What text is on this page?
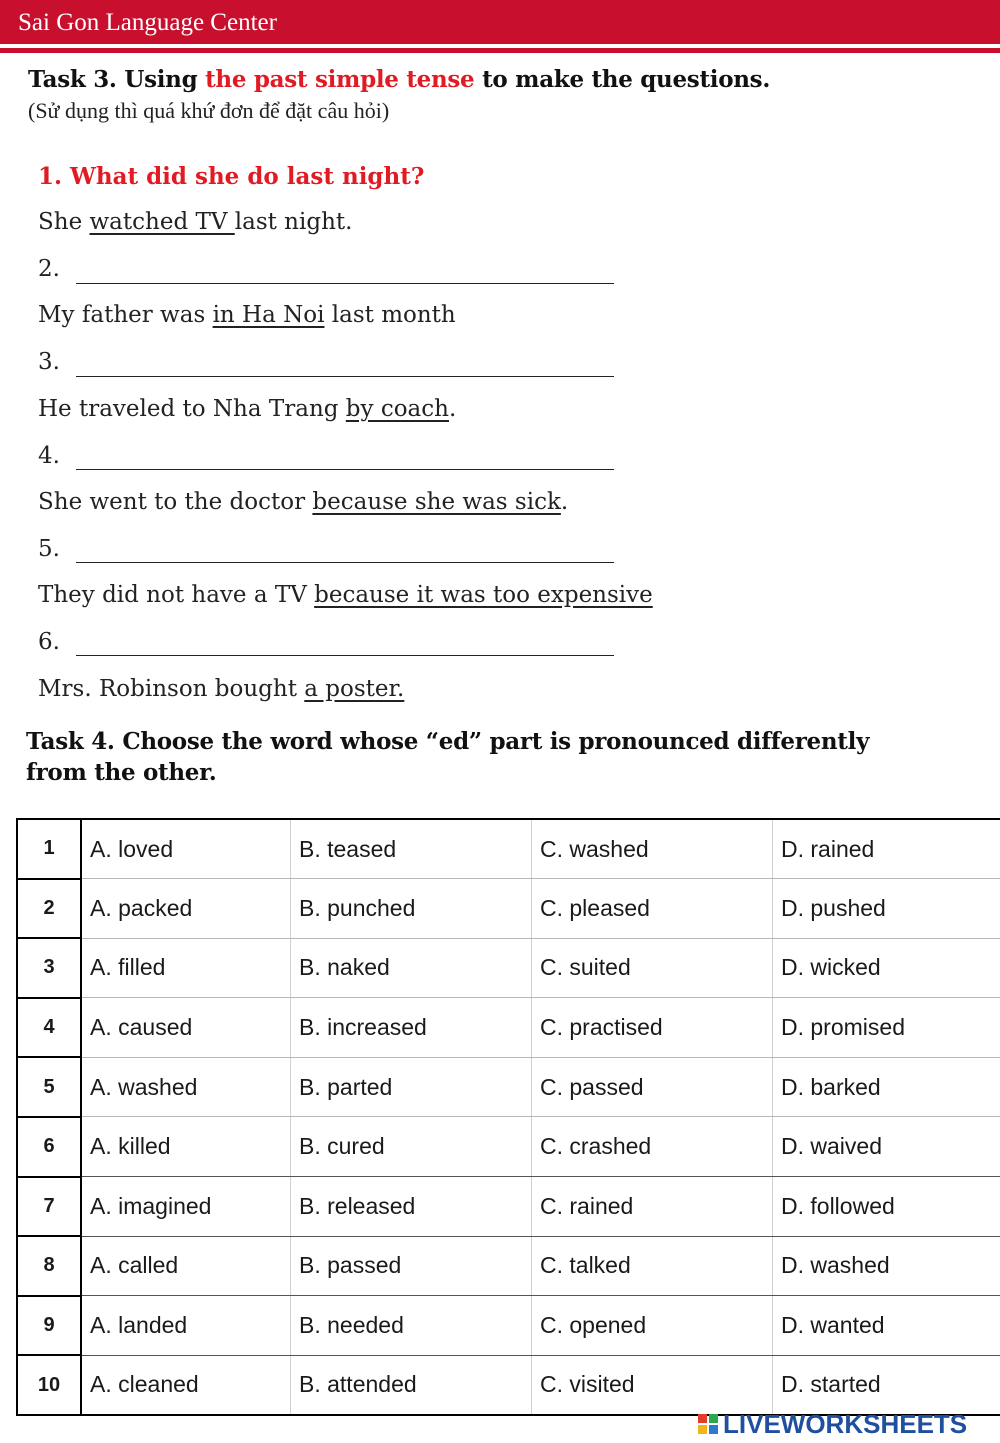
Sai Gon Language Center
Task 3. Using the past simple tense to make the questions.
(Sử dụng thì quá khứ đơn để đặt câu hỏi)
1. What did she do last night?
She watched TV last night.
2.
My father was in Ha Noi last month
3.
He traveled to Nha Trang by coach.
4.
She went to the doctor because she was sick.
5.
They did not have a TV because it was too expensive
6.
Mrs. Robinson bought a poster.
Task 4. Choose the word whose “ed” part is pronounced differently
from the other.
1	A. loved	B. teased	C. washed	D. rained
2	A. packed	B. punched	C. pleased	D. pushed
3	A. filled	B. naked	C. suited	D. wicked
4	A. caused	B. increased	C. practised	D. promised
5	A. washed	B. parted	C. passed	D. barked
6	A. killed	B. cured	C. crashed	D. waived
7	A. imagined	B. released	C. rained	D. followed
8	A. called	B. passed	C. talked	D. washed
9	A. landed	B. needed	C. opened	D. wanted
10	A. cleaned	B. attended	C. visited	D. started
LIVEWORKSHEETS
